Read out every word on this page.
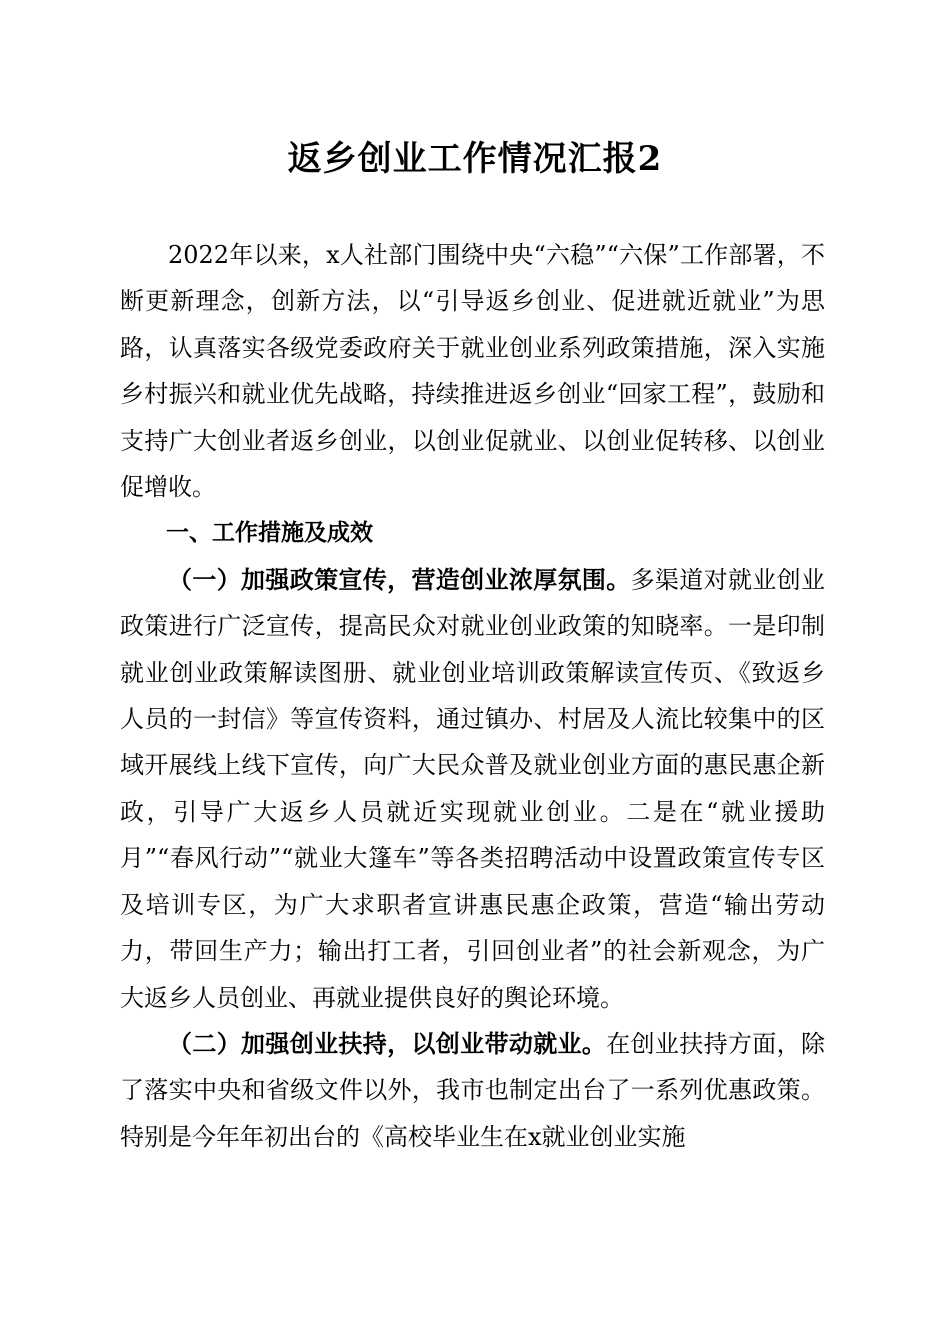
返乡创业工作情况汇报2

2022年以来，x人社部门围绕中央“六稳”“六保”工作部署，不断更新理念，创新方法，以“引导返乡创业、促进就近就业”为思路，认真落实各级党委政府关于就业创业系列政策措施，深入实施乡村振兴和就业优先战略，持续推进返乡创业“回家工程”，鼓励和支持广大创业者返乡创业，以创业促就业、以创业促转移、以创业促增收。

一、工作措施及成效

（一）加强政策宣传，营造创业浓厚氛围。多渠道对就业创业政策进行广泛宣传，提高民众对就业创业政策的知晓率。一是印制就业创业政策解读图册、就业创业培训政策解读宣传页、《致返乡人员的一封信》等宣传资料，通过镇办、村居及人流比较集中的区域开展线上线下宣传，向广大民众普及就业创业方面的惠民惠企新政，引导广大返乡人员就近实现就业创业。二是在“就业援助月”“春风行动”“就业大篷车”等各类招聘活动中设置政策宣传专区及培训专区，为广大求职者宣讲惠民惠企政策，营造“输出劳动力，带回生产力；输出打工者，引回创业者”的社会新观念，为广大返乡人员创业、再就业提供良好的舆论环境。

（二）加强创业扶持，以创业带动就业。在创业扶持方面，除了落实中央和省级文件以外，我市也制定出台了一系列优惠政策。特别是今年年初出台的《高校毕业生在x就业创业实施
